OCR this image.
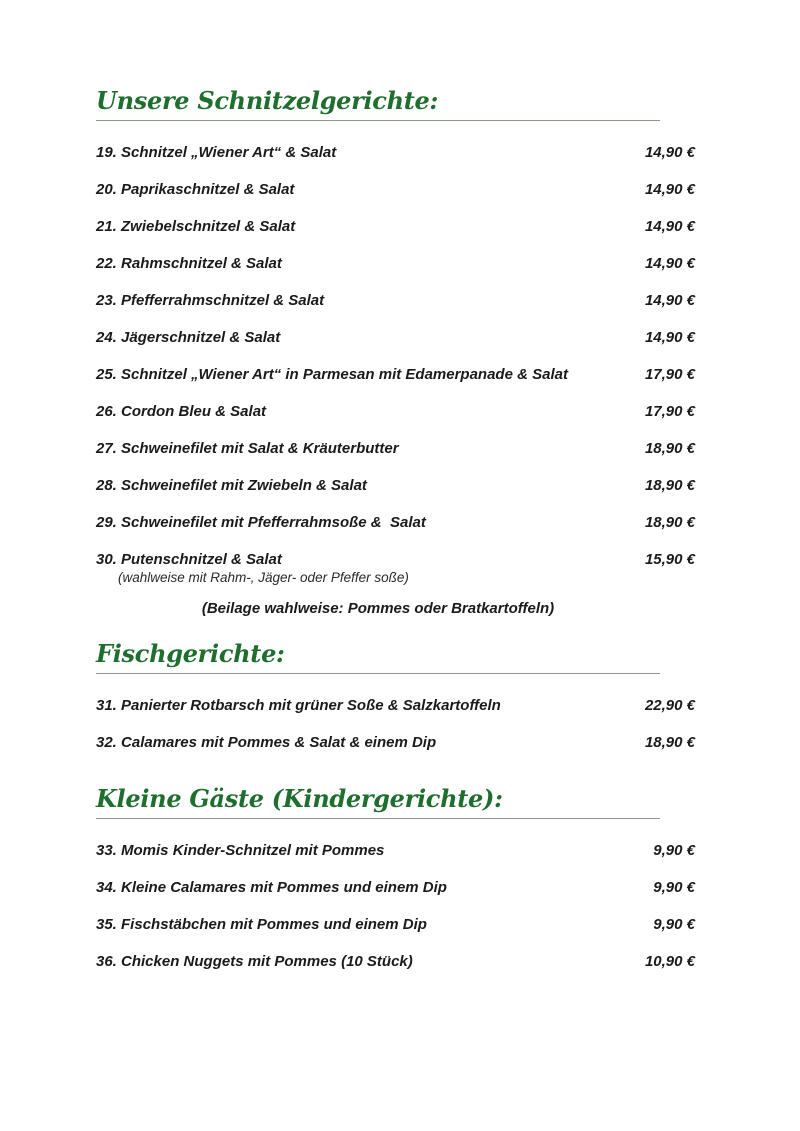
Unsere Schnitzelgerichte:
19. Schnitzel „Wiener Art“ & Salat	14,90 €
20. Paprikaschnitzel & Salat	14,90 €
21. Zwiebelschnitzel & Salat	14,90 €
22. Rahmschnitzel & Salat	14,90 €
23. Pfefferrahmschnitzel & Salat	14,90 €
24. Jägerschnitzel & Salat	14,90 €
25. Schnitzel „Wiener Art“ in Parmesan mit Edamerpanade & Salat	17,90 €
26. Cordon Bleu & Salat	17,90 €
27. Schweinefilet mit Salat & Kräuterbutter	18,90 €
28. Schweinefilet mit Zwiebeln & Salat	18,90 €
29. Schweinefilet mit Pfefferrahmsoße &  Salat	18,90 €
30. Putenschnitzel & Salat	15,90 €
(wahlweise mit Rahm-, Jäger- oder Pfeffer soße)
(Beilage wahlweise: Pommes oder Bratkartoffeln)
Fischgerichte:
31. Panierter Rotbarsch mit grüner Soße & Salzkartoffeln	22,90 €
32. Calamares mit Pommes & Salat & einem Dip	18,90 €
Kleine Gäste (Kindergerichte):
33. Momis Kinder-Schnitzel mit Pommes	9,90 €
34. Kleine Calamares mit Pommes und einem Dip	9,90 €
35. Fischstäbchen mit Pommes und einem Dip	9,90 €
36. Chicken Nuggets mit Pommes (10 Stück)	10,90 €
